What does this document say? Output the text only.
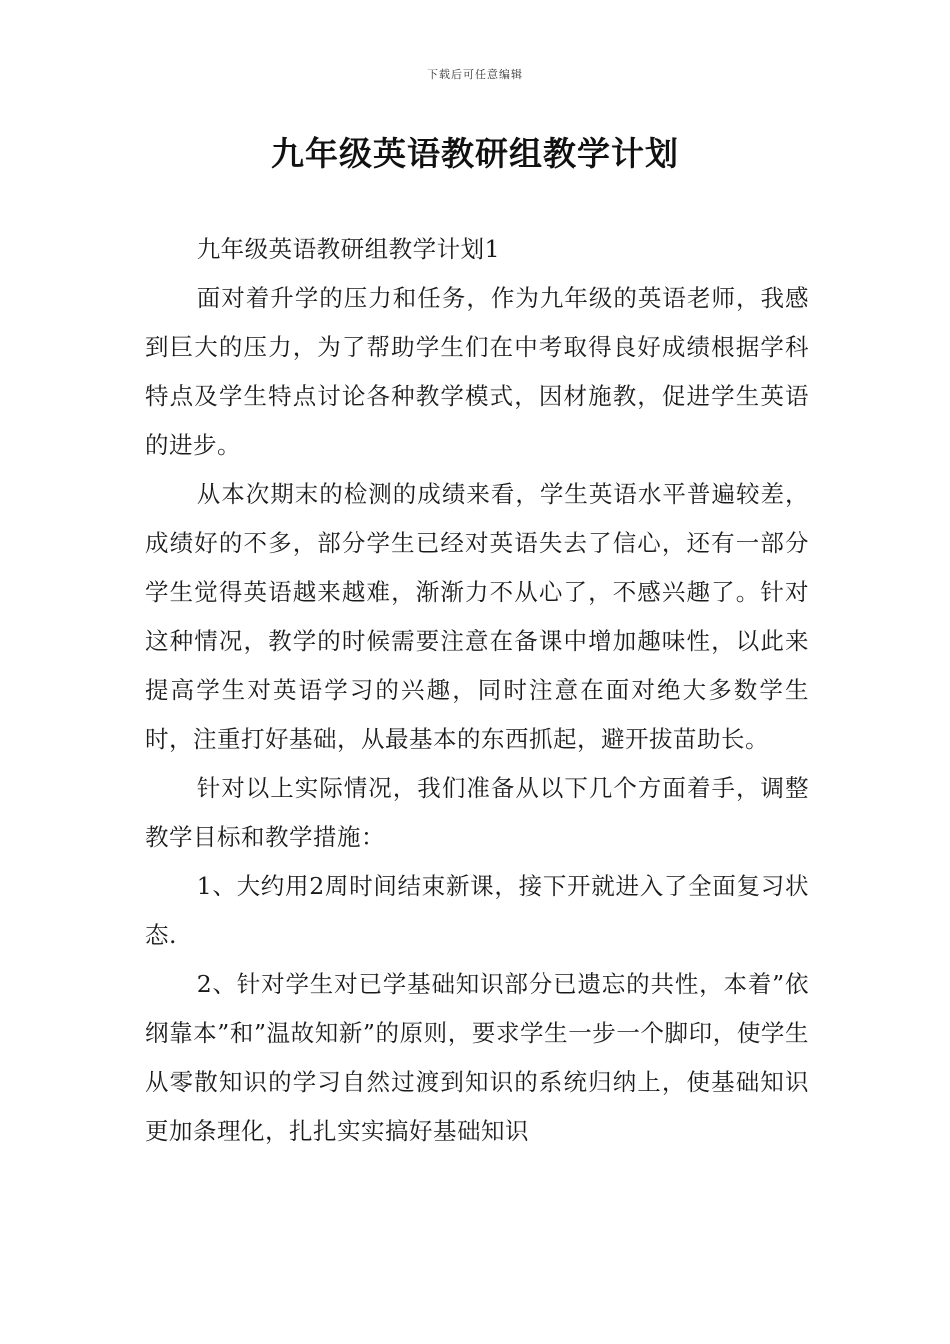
下载后可任意编辑
九年级英语教研组教学计划

九年级英语教研组教学计划1

面对着升学的压力和任务，作为九年级的英语老师，我感到巨大的压力，为了帮助学生们在中考取得良好成绩根据学科特点及学生特点讨论各种教学模式，因材施教，促进学生英语的进步。

从本次期末的检测的成绩来看，学生英语水平普遍较差，成绩好的不多，部分学生已经对英语失去了信心，还有一部分学生觉得英语越来越难，渐渐力不从心了，不感兴趣了。针对这种情况，教学的时候需要注意在备课中增加趣味性，以此来提高学生对英语学习的兴趣，同时注意在面对绝大多数学生时，注重打好基础，从最基本的东西抓起，避开拔苗助长。

针对以上实际情况，我们准备从以下几个方面着手，调整教学目标和教学措施：

1、大约用2周时间结束新课，接下开就进入了全面复习状态.

2、针对学生对已学基础知识部分已遗忘的共性，本着”依纲靠本”和”温故知新”的原则，要求学生一步一个脚印，使学生从零散知识的学习自然过渡到知识的系统归纳上，使基础知识更加条理化，扎扎实实搞好基础知识
